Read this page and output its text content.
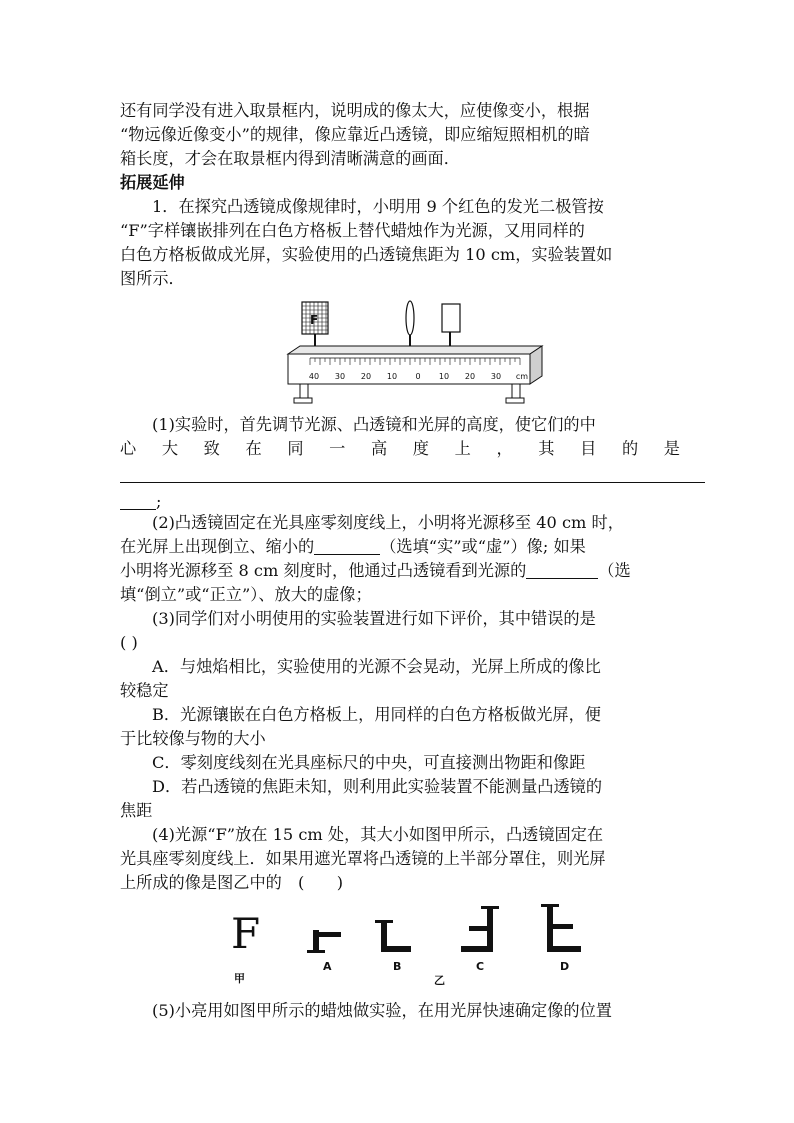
还有同学没有进入取景框内，说明成的像太大，应使像变小，根据
“物远像近像变小”的规律，像应靠近凸透镜，即应缩短照相机的暗
箱长度，才会在取景框内得到清晰满意的画面．
拓展延伸
1．在探究凸透镜成像规律时，小明用 9 个红色的发光二极管按
“F”字样镶嵌排列在白色方格板上替代蜡烛作为光源，又用同样的
白色方格板做成光屏，实验使用的凸透镜焦距为 10 cm，实验装置如
图所示．
F
40 30 20 10 0 10 20 30 cm
(1)实验时，首先调节光源、凸透镜和光屏的高度，使它们的中
心 大 致 在 同 一 高 度 上 ， 其 目 的 是
;
(2)凸透镜固定在光具座零刻度线上，小明将光源移至 40 cm 时，
在光屏上出现倒立、缩小的	（选填“实”或“虚”）像; 如果
小明将光源移至 8 cm 刻度时，他通过凸透镜看到光源的	（选
填“倒立”或“正立”）、放大的虚像；
(3)同学们对小明使用的实验装置进行如下评价，其中错误的是
( )
A．与烛焰相比，实验使用的光源不会晃动，光屏上所成的像比
较稳定
B．光源镶嵌在白色方格板上，用同样的白色方格板做光屏，便
于比较像与物的大小
C．零刻度线刻在光具座标尺的中央，可直接测出物距和像距
D．若凸透镜的焦距未知，则利用此实验装置不能测量凸透镜的
焦距
(4)光源“F”放在 15 cm 处，其大小如图甲所示，凸透镜固定在
光具座零刻度线上．如果用遮光罩将凸透镜的上半部分罩住，则光屏
上所成的像是图乙中的　(　　)
F
甲
A	B
乙
C	D
(5)小亮用如图甲所示的蜡烛做实验，在用光屏快速确定像的位置
